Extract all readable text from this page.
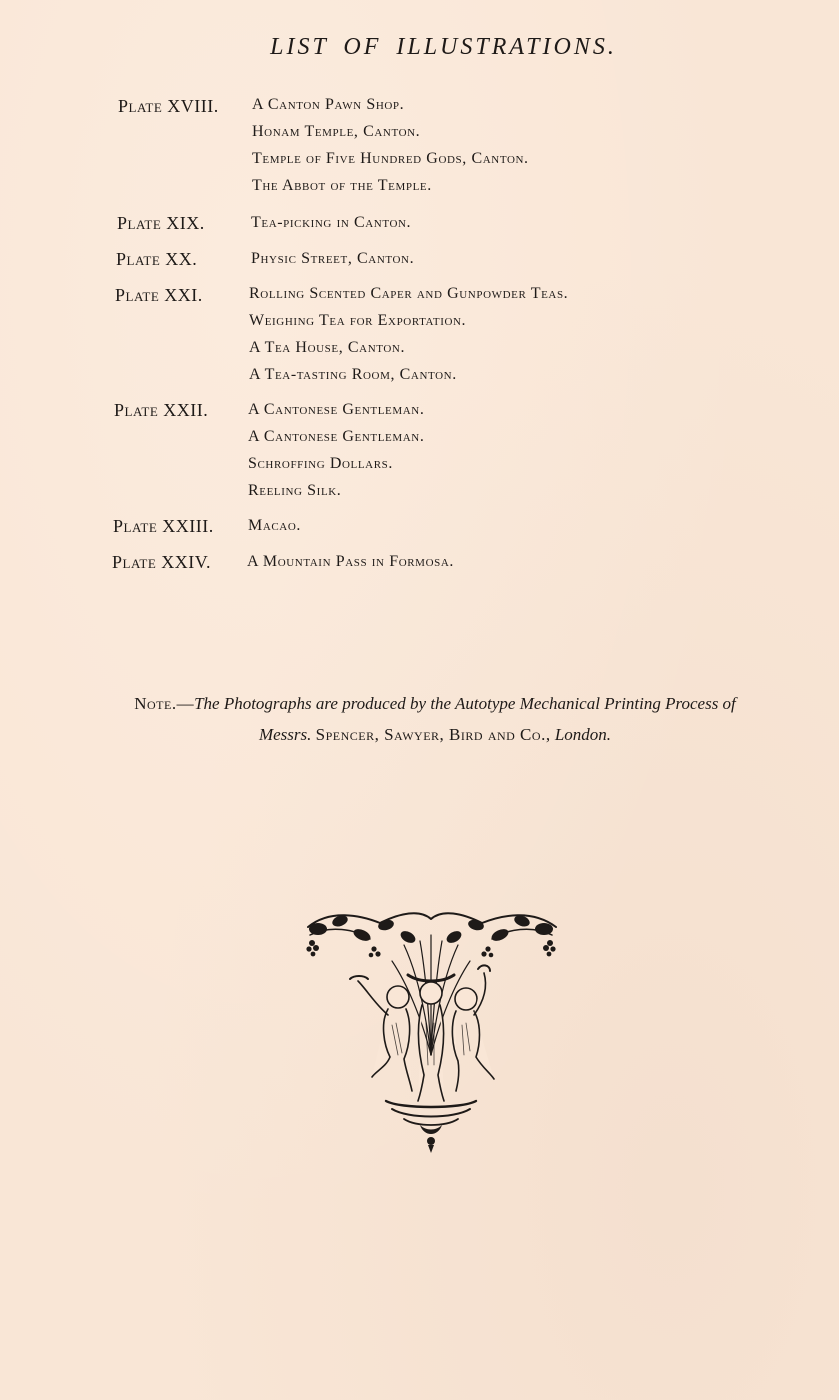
LIST OF ILLUSTRATIONS.
Plate XVIII. A Canton Pawn Shop.
Honam Temple, Canton.
Temple of Five Hundred Gods, Canton.
The Abbot of the Temple.
Plate XIX.	Tea-picking in Canton.
Plate XX.	Physic Street, Canton.
Plate XXI.	Rolling Scented Caper and Gunpowder Teas.
Weighing Tea for Exportation.
A Tea House, Canton.
A Tea-tasting Room, Canton.
Plate XXII. A Cantonese Gentleman.
A Cantonese Gentleman.
Schroffing Dollars.
Reeling Silk.
Plate XXIII. Macao.
Plate XXIV. A Mountain Pass in Formosa.
Note.—The Photographs are produced by the Autotype Mechanical Printing Process of
Messrs. Spencer, Sawyer, Bird and Co., London.
